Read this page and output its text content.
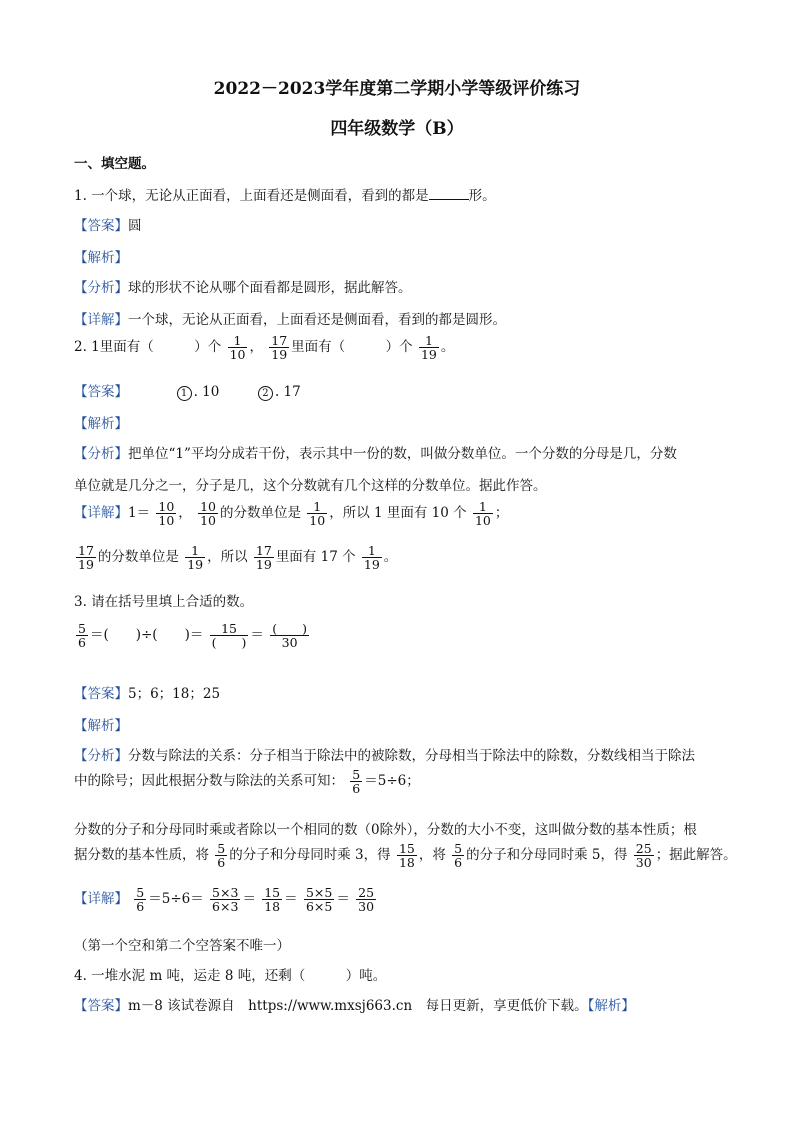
2022－2023学年度第二学期小学等级评价练习
四年级数学（B）
一、填空题。
1. 一个球，无论从正面看，上面看还是侧面看，看到的都是	形。
【答案】圆
【解析】
【分析】球的形状不论从哪个面看都是圆形，据此解答。
【详解】一个球，无论从正面看，上面看还是侧面看，看到的都是圆形。
2. 1里面有（　　　）个 $\frac{1}{10}$ ， $\frac{17}{19}$ 里面有（　　　）个 $\frac{1}{19}$ 。
【答案】	1 . 10	2 . 17
【解析】
【分析】把单位“1”平均分成若干份，表示其中一份的数，叫做分数单位。一个分数的分母是几，分数
单位就是几分之一，分子是几，这个分数就有几个这样的分数单位。据此作答。
【详解】$1= \frac{10}{10}$ ， $\frac{10}{10}$ 的分数单位是 $\frac{1}{10}$ ，所以 1 里面有 10 个 $\frac{1}{10}$ ；
$\frac{17}{19}$ 的分数单位是 $\frac{1}{19}$ ，所以 $\frac{17}{19}$ 里面有 17 个 $\frac{1}{19}$ 。
3. 请在括号里填上合适的数。
$\frac{5}{6}$ ＝(　　)÷(　　)＝ $\frac{15}{( )} = \frac{( )}{30}$
【答案】5；6；18；25
【解析】
【分析】分数与除法的关系：分子相当于除法中的被除数，分母相当于除法中的除数，分数线相当于除法
中的除号；因此根据分数与除法的关系可知： $\frac{5}{6} =5\div 6$；
分数的分子和分母同时乘或者除以一个相同的数（0除外），分数的大小不变，这叫做分数的基本性质；根
据分数的基本性质，将 $\frac{5}{6}$ 的分子和分母同时乘 3，得 $\frac{15}{18}$ ，将 $\frac{5}{6}$ 的分子和分母同时乘 5，得 $\frac{25}{30}$ ；据此解答。
【详解】 $\frac{5}{6} =5\div 6= \frac{5\times 3}{6\times 3} = \frac{15}{18} = \frac{5\times 5}{6\times 5} = \frac{25}{30}$
（第一个空和第二个空答案不唯一）
4. 一堆水泥 m 吨，运走 8 吨，还剩（　　　）吨。
【答案】m－8 该试卷源自　https://www.mxsj663.cn　每日更新，享更低价下载。【解析】
